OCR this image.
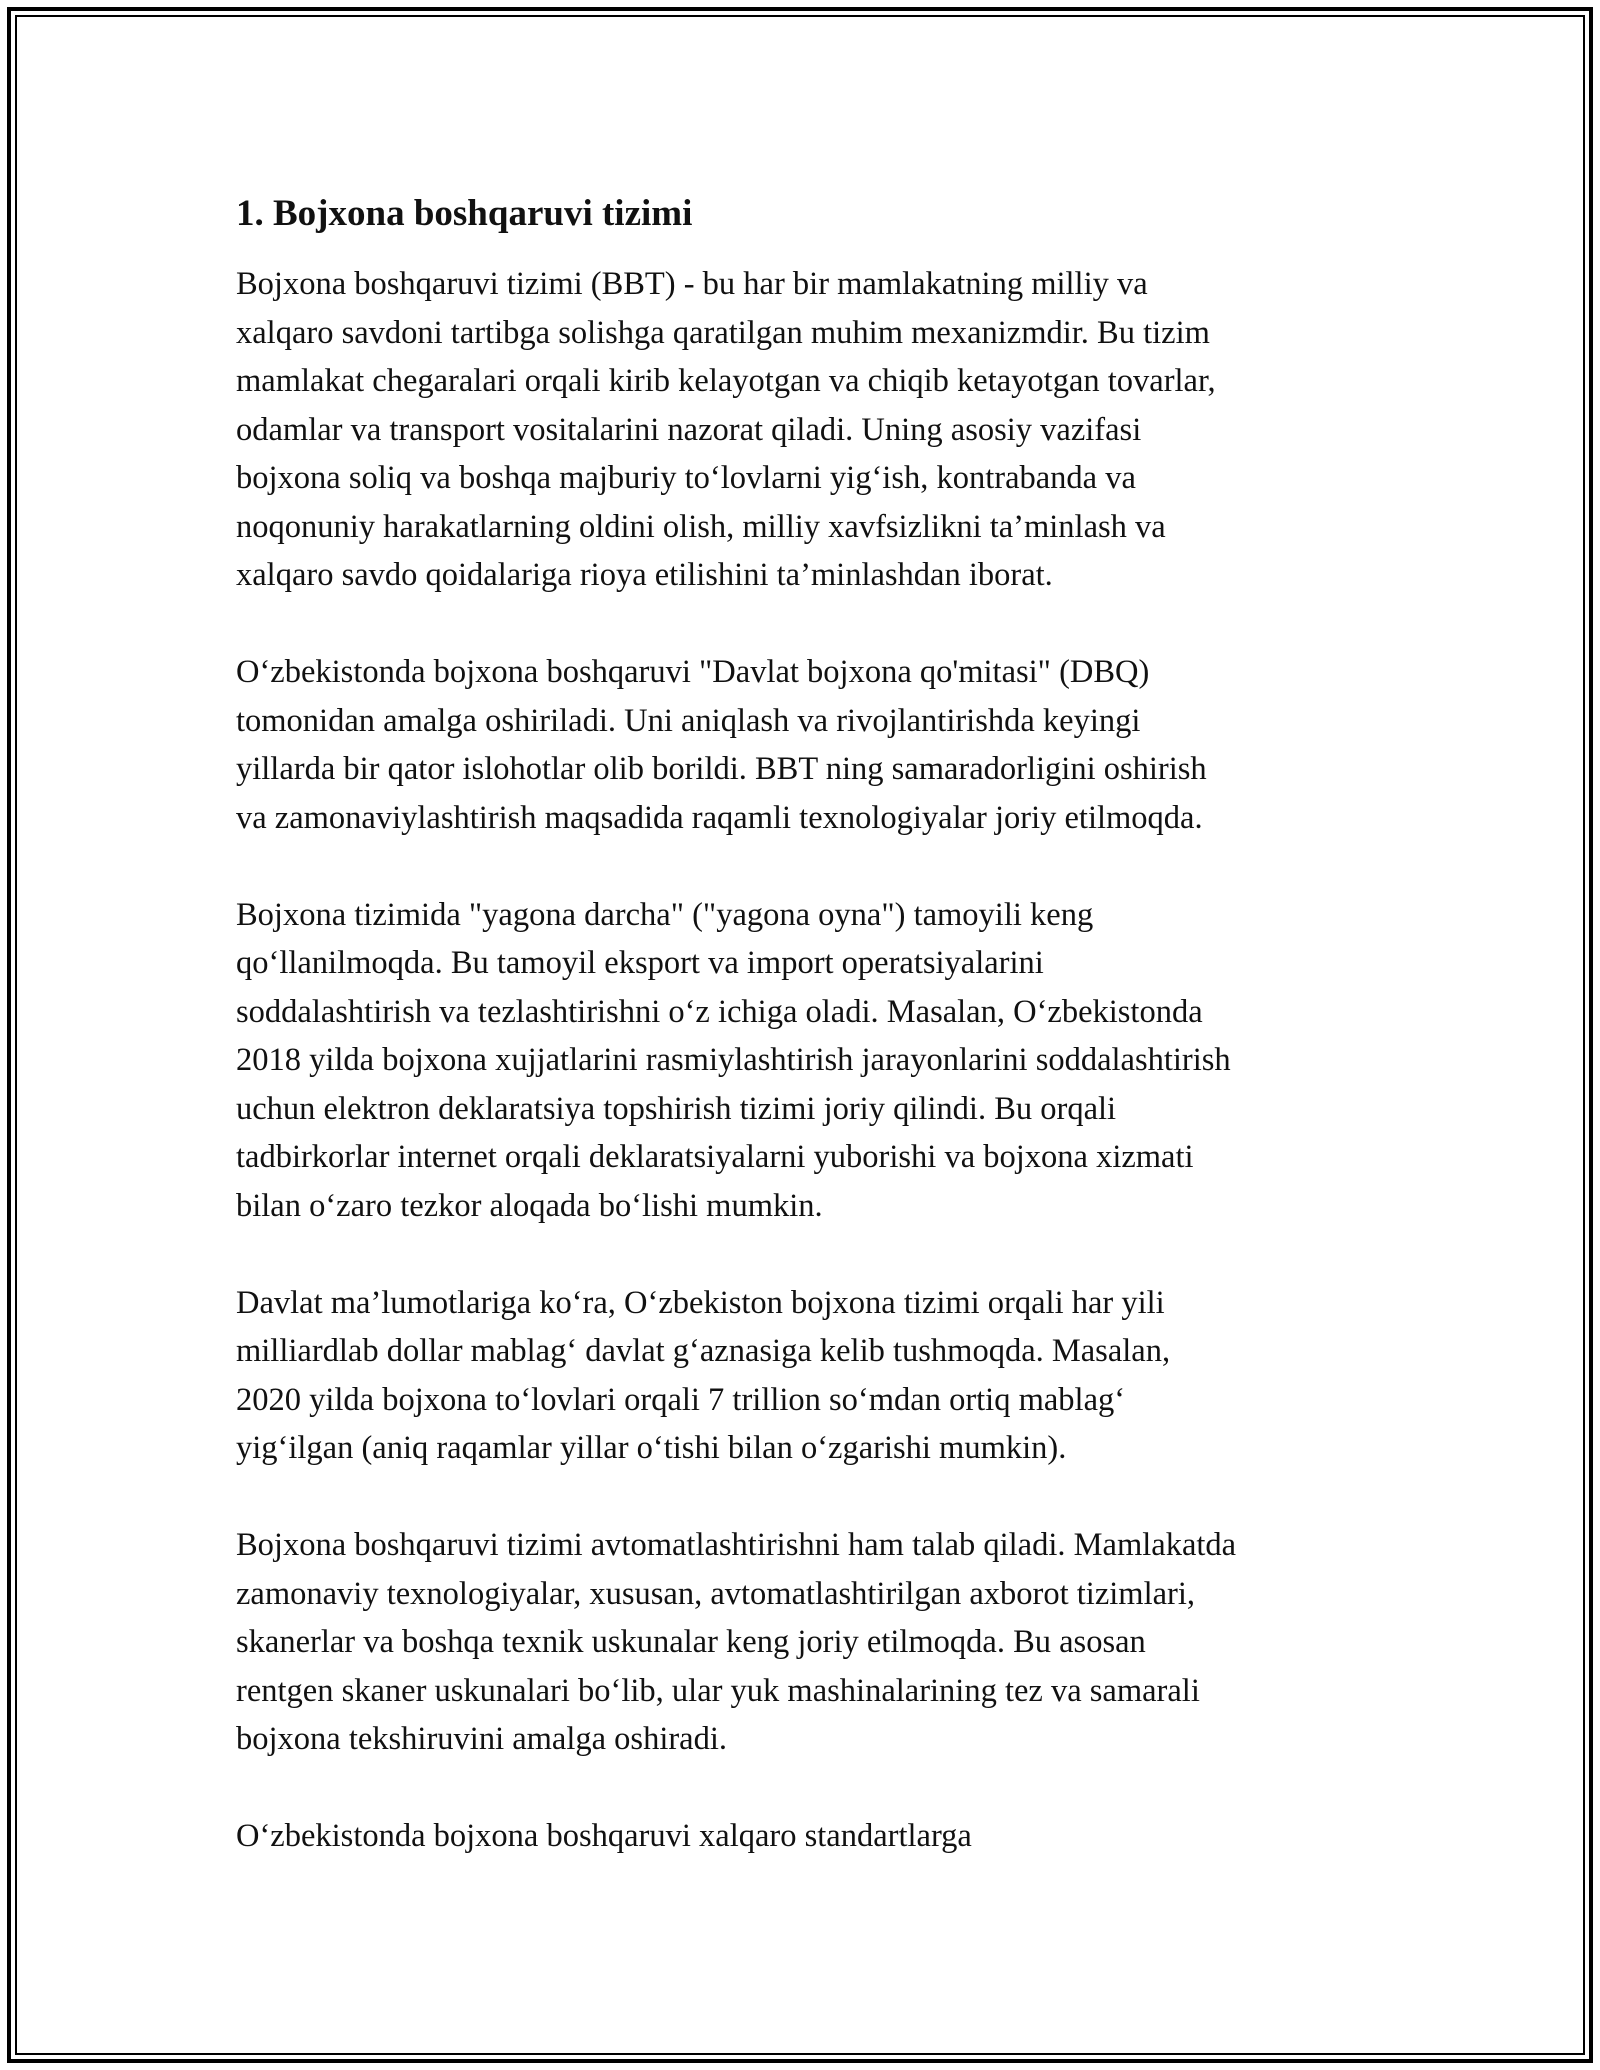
1. Bojxona boshqaruvi tizimi
Bojxona boshqaruvi tizimi (BBT) - bu har bir mamlakatning milliy va
xalqaro savdoni tartibga solishga qaratilgan muhim mexanizmdir. Bu tizim
mamlakat chegaralari orqali kirib kelayotgan va chiqib ketayotgan tovarlar,
odamlar va transport vositalarini nazorat qiladi. Uning asosiy vazifasi
bojxona soliq va boshqa majburiy to‘lovlarni yig‘ish, kontrabanda va
noqonuniy harakatlarning oldini olish, milliy xavfsizlikni ta’minlash va
xalqaro savdo qoidalariga rioya etilishini ta’minlashdan iborat.
O‘zbekistonda bojxona boshqaruvi "Davlat bojxona qo'mitasi" (DBQ)
tomonidan amalga oshiriladi. Uni aniqlash va rivojlantirishda keyingi
yillarda bir qator islohotlar olib borildi. BBT ning samaradorligini oshirish
va zamonaviylashtirish maqsadida raqamli texnologiyalar joriy etilmoqda.
Bojxona tizimida "yagona darcha" ("yagona oyna") tamoyili keng
qo‘llanilmoqda. Bu tamoyil eksport va import operatsiyalarini
soddalashtirish va tezlashtirishni o‘z ichiga oladi. Masalan, O‘zbekistonda
2018 yilda bojxona xujjatlarini rasmiylashtirish jarayonlarini soddalashtirish
uchun elektron deklaratsiya topshirish tizimi joriy qilindi. Bu orqali
tadbirkorlar internet orqali deklaratsiyalarni yuborishi va bojxona xizmati
bilan o‘zaro tezkor aloqada bo‘lishi mumkin.
Davlat ma’lumotlariga ko‘ra, O‘zbekiston bojxona tizimi orqali har yili
milliardlab dollar mablag‘ davlat g‘aznasiga kelib tushmoqda. Masalan,
2020 yilda bojxona to‘lovlari orqali 7 trillion so‘mdan ortiq mablag‘
yig‘ilgan (aniq raqamlar yillar o‘tishi bilan o‘zgarishi mumkin).
Bojxona boshqaruvi tizimi avtomatlashtirishni ham talab qiladi. Mamlakatda
zamonaviy texnologiyalar, xususan, avtomatlashtirilgan axborot tizimlari,
skanerlar va boshqa texnik uskunalar keng joriy etilmoqda. Bu asosan
rentgen skaner uskunalari bo‘lib, ular yuk mashinalarining tez va samarali
bojxona tekshiruvini amalga oshiradi.
O‘zbekistonda bojxona boshqaruvi xalqaro standartlarga
